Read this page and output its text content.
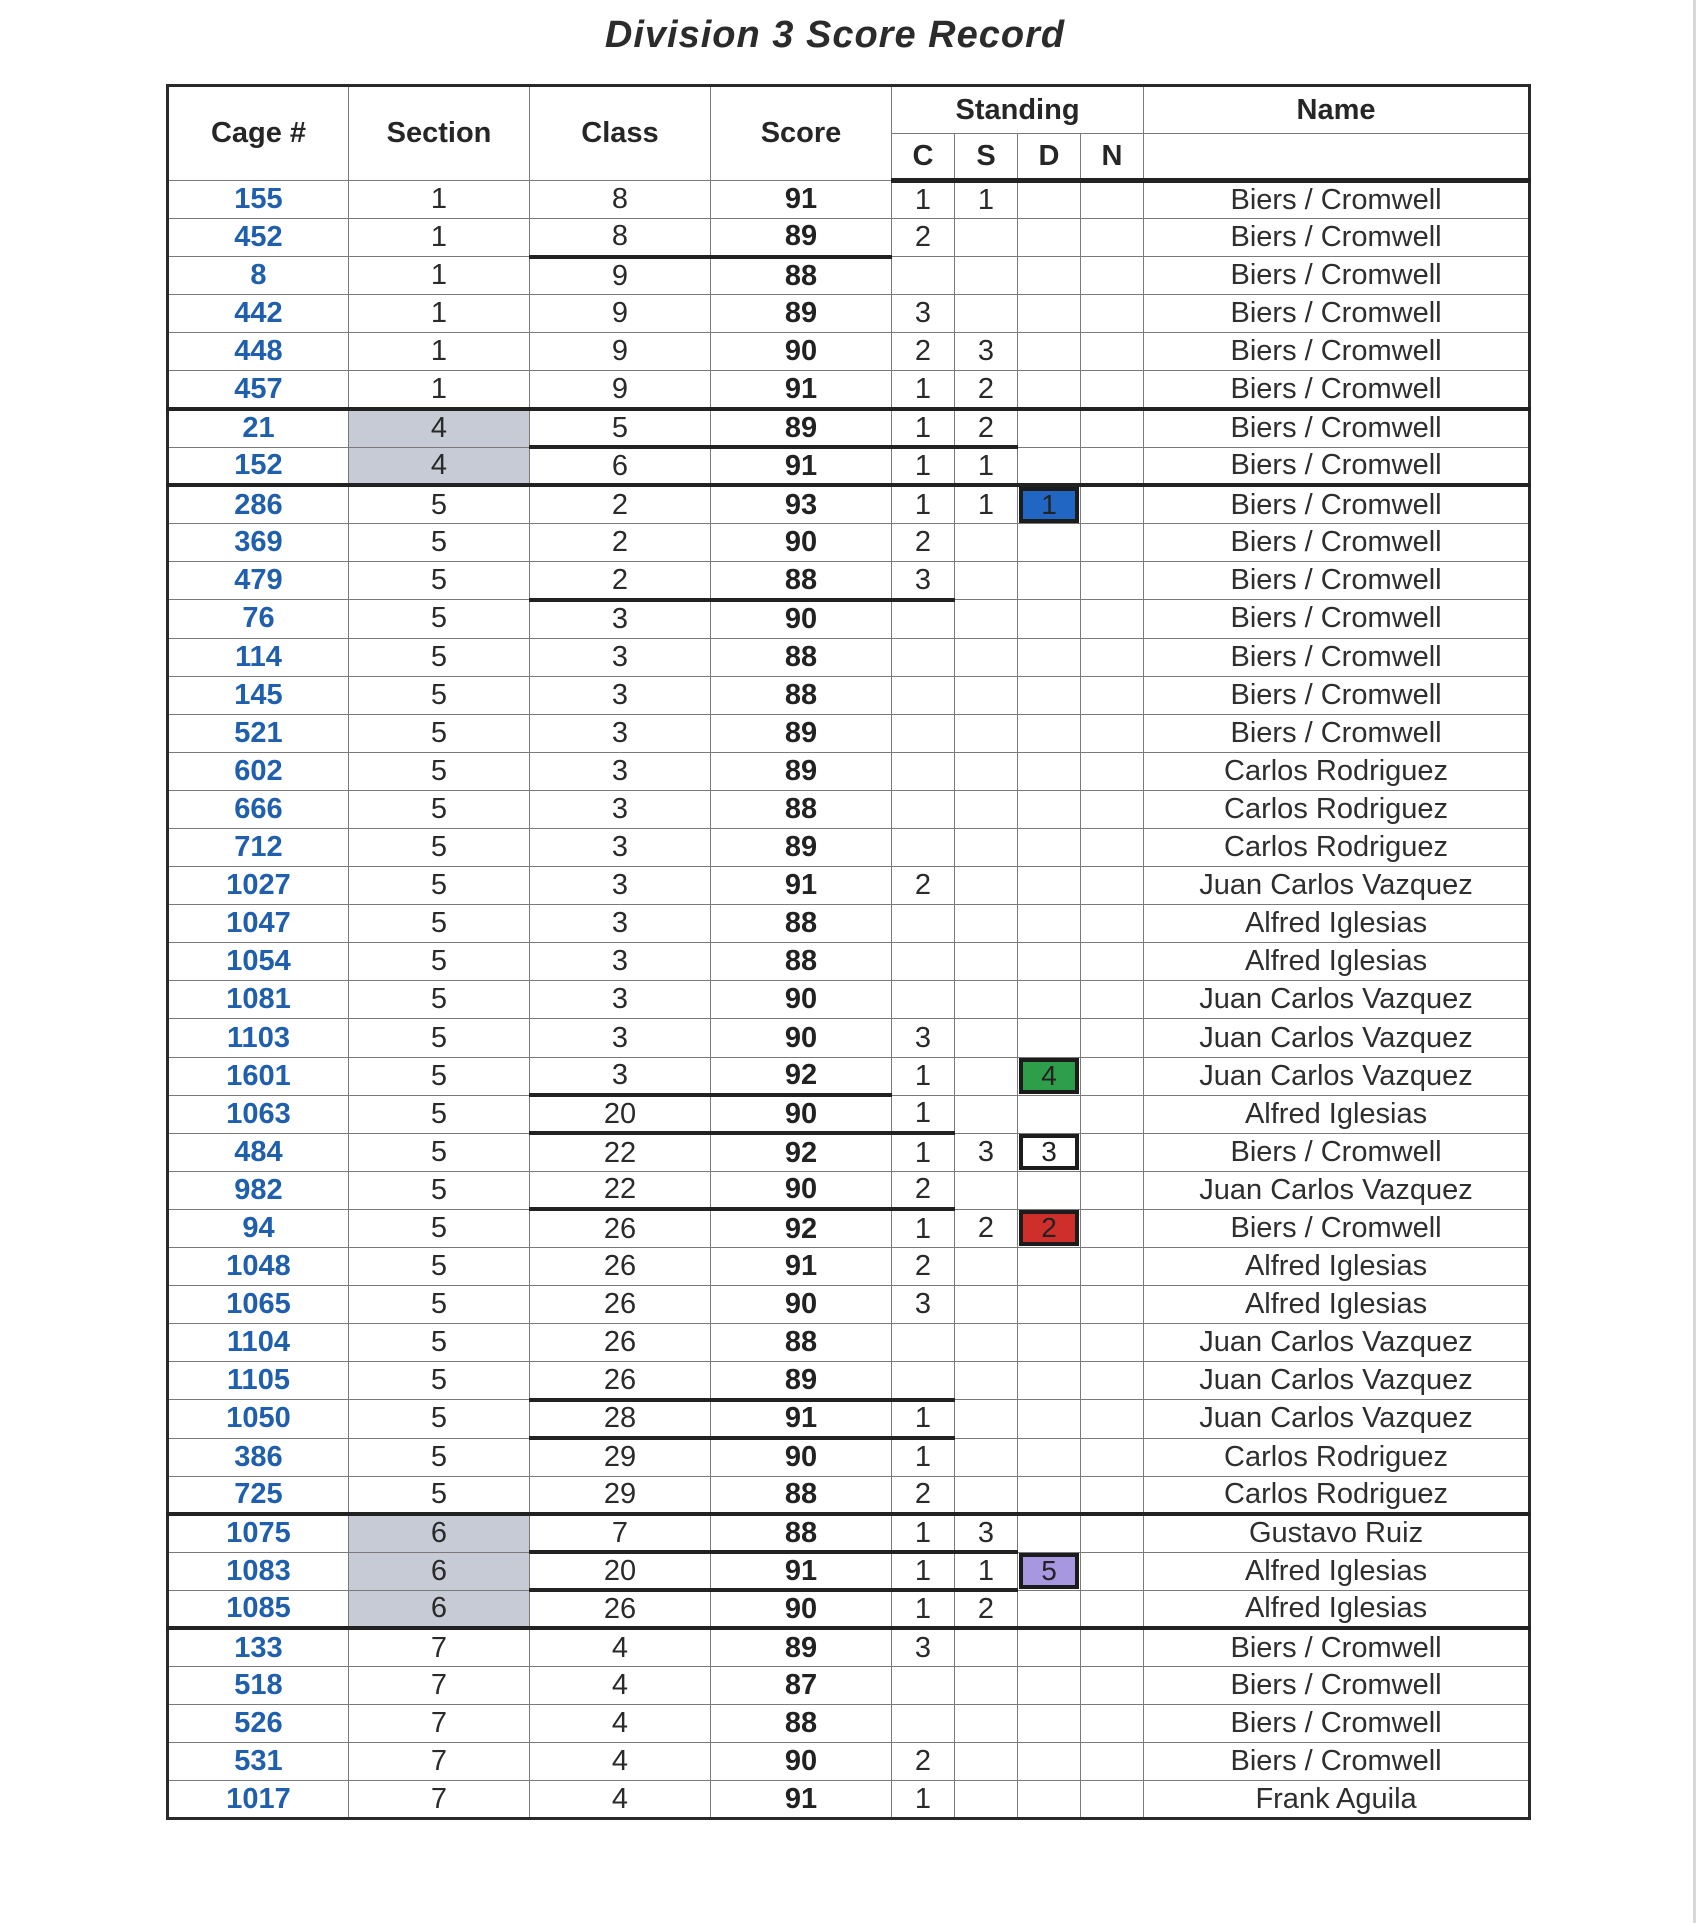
Division 3 Score Record
Cage #	Section	Class	Score	Standing				Name
				C	S	D	N	
155	1	8	91	1	1			Biers / Cromwell
452	1	8	89	2				Biers / Cromwell
8	1	9	88					Biers / Cromwell
442	1	9	89	3				Biers / Cromwell
448	1	9	90	2	3			Biers / Cromwell
457	1	9	91	1	2			Biers / Cromwell
21	4	5	89	1	2			Biers / Cromwell
152	4	6	91	1	1			Biers / Cromwell
286	5	2	93	1	1	1		Biers / Cromwell
369	5	2	90	2				Biers / Cromwell
479	5	2	88	3				Biers / Cromwell
76	5	3	90					Biers / Cromwell
114	5	3	88					Biers / Cromwell
145	5	3	88					Biers / Cromwell
521	5	3	89					Biers / Cromwell
602	5	3	89					Carlos Rodriguez
666	5	3	88					Carlos Rodriguez
712	5	3	89					Carlos Rodriguez
1027	5	3	91	2				Juan Carlos Vazquez
1047	5	3	88					Alfred Iglesias
1054	5	3	88					Alfred Iglesias
1081	5	3	90					Juan Carlos Vazquez
1103	5	3	90	3				Juan Carlos Vazquez
1601	5	3	92	1		4		Juan Carlos Vazquez
1063	5	20	90	1				Alfred Iglesias
484	5	22	92	1	3	3		Biers / Cromwell
982	5	22	90	2				Juan Carlos Vazquez
94	5	26	92	1	2	2		Biers / Cromwell
1048	5	26	91	2				Alfred Iglesias
1065	5	26	90	3				Alfred Iglesias
1104	5	26	88					Juan Carlos Vazquez
1105	5	26	89					Juan Carlos Vazquez
1050	5	28	91	1				Juan Carlos Vazquez
386	5	29	90	1				Carlos Rodriguez
725	5	29	88	2				Carlos Rodriguez
1075	6	7	88	1	3			Gustavo Ruiz
1083	6	20	91	1	1	5		Alfred Iglesias
1085	6	26	90	1	2			Alfred Iglesias
133	7	4	89	3				Biers / Cromwell
518	7	4	87					Biers / Cromwell
526	7	4	88					Biers / Cromwell
531	7	4	90	2				Biers / Cromwell
1017	7	4	91	1				Frank Aguila
